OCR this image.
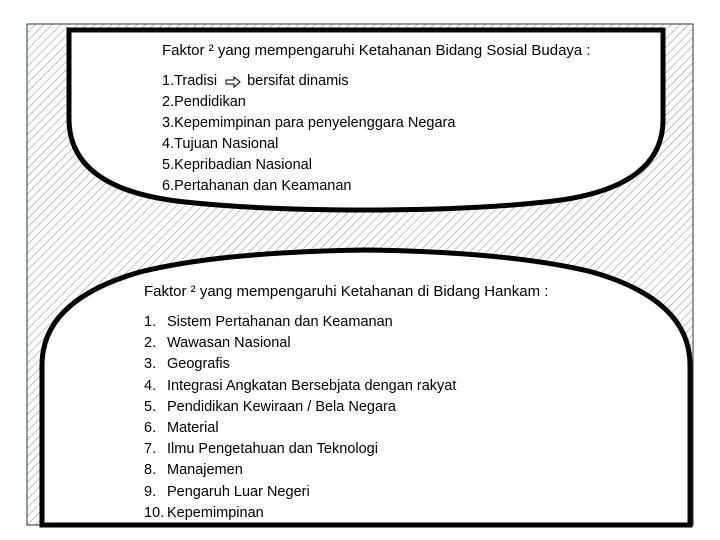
Faktor ² yang mempengaruhi Ketahanan Bidang Sosial Budaya :
1. Tradisi bersifat dinamis
2. Pendidikan
3. Kepemimpinan para penyelenggara Negara
4. Tujuan Nasional
5. Kepribadian Nasional
6. Pertahanan dan Keamanan
Faktor ² yang mempengaruhi Ketahanan di Bidang Hankam :
1. Sistem Pertahanan dan Keamanan
2. Wawasan Nasional
3. Geografis
4. Integrasi Angkatan Bersebjata dengan rakyat
5. Pendidikan Kewiraan / Bela Negara
6. Material
7. Ilmu Pengetahuan dan Teknologi
8. Manajemen
9. Pengaruh Luar Negeri
10. Kepemimpinan
